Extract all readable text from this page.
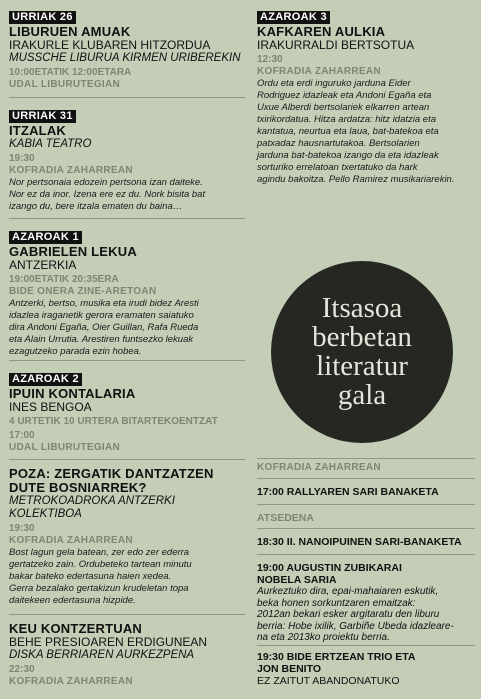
URRIAK 26
LIBURUEN AMUAK
IRAKURLE KLUBAREN HITZORDUA
MUSSCHE LIBURUA KIRMEN URIBEREKIN
10:00ETATIK 12:00ETARA
UDAL LIBURUTEGIAN
URRIAK 31
ITZALAK
KABIA TEATRO
19:30
KOFRADIA ZAHARREAN
Nor pertsonaia edozein pertsona izan daiteke.
Nor ez da inor. Izena ere ez du. Nork bisita bat
izango du, bere itzala ematen du baina…
AZAROAK 1
GABRIELEN LEKUA
ANTZERKIA
19:00ETATIK 20:35ERA
BIDE ONERA ZINE-ARETOAN
Antzerki, bertso, musika eta irudi bidez Aresti
idazlea iraganetik gerora eramaten saiatuko
dira Andoni Egaña, Oier Guillan, Rafa Rueda
eta Alain Urrutia. Arestiren funtsezko lekuak
ezagutzeko parada ezin hobea.
AZAROAK 2
IPUIN KONTALARIA
INES BENGOA
4 URTETIK 10 URTERA BITARTEKOENTZAT
17:00
UDAL LIBURUTEGIAN
POZA: ZERGATIK DANTZATZEN
DUTE BOSNIARREK?
METROKOADROKA ANTZERKI
KOLEKTIBOA
19:30
KOFRADIA ZAHARREAN
Bost lagun gela batean, zer edo zer ederra
gertatzeko zain. Ordubeteko tartean minutu
bakar bateko edertasuna haien xedea.
Gerra bezalako gertakizun krudeletan topa
daitekeen edertasuna hizpide.
KEU KONTZERTUAN
BEHE PRESIOAREN ERDIGUNEAN
DISKA BERRIAREN AURKEZPENA
22:30
KOFRADIA ZAHARREAN
AZAROAK 3
KAFKAREN AULKIA
IRAKURRALDI BERTSOTUA
12:30
KOFRADIA ZAHARREAN
Ordu eta erdi inguruko jarduna Eider
Rodriguez idazleak eta Andoni Egaña eta
Uxue Alberdi bertsolariek elkarren artean
txirikordatua. Hitza ardatza: hitz idatzia eta
kantatua, neurtua eta laua, bat-batekoa eta
patxadaz hausnartutakoa. Bertsolarien
jarduna bat-batekoa izango da eta idazleak
sorturiko errelatoan txertatuko da hark
agindu bakoitza. Pello Ramirez musikariarekin.
KOFRADIA ZAHARREAN
17:00 RALLYAREN SARI BANAKETA
ATSEDENA
18:30 II. NANOIPUINEN SARI-BANAKETA
19:00 AUGUSTIN ZUBIKARAI
NOBELA SARIA
Aurkeztuko dira, epai-mahaiaren eskutik,
beka honen sorkuntzaren emaitzak:
2012an bekari esker argitaratu den liburu
berria: Hobe ixilik, Garbiñe Ubeda idazleare-
na eta 2013ko proiektu berria.
19:30 BIDE ERTZEAN TRIO ETA
JON BENITO
EZ ZAITUT ABANDONATUKO
Itsasoa
berbetan
literatur
gala
